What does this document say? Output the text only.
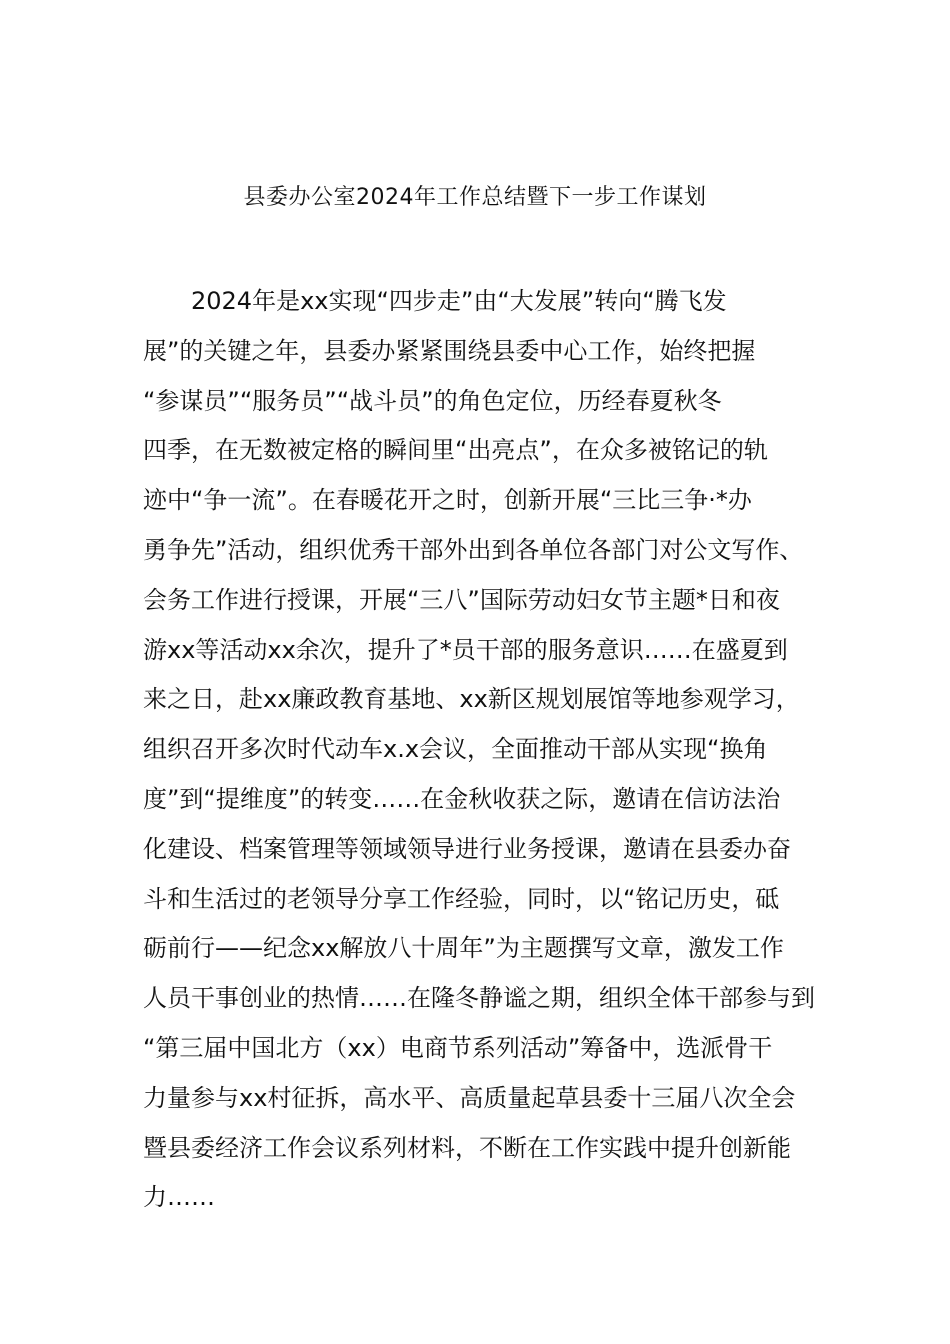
县委办公室2024年工作总结暨下一步工作谋划
2024年是xx实现“四步走”由“大发展”转向“腾飞发
展”的关键之年，县委办紧紧围绕县委中心工作，始终把握
“参谋员”“服务员”“战斗员”的角色定位，历经春夏秋冬
四季，在无数被定格的瞬间里“出亮点”，在众多被铭记的轨
迹中“争一流”。在春暖花开之时，创新开展“三比三争·*办
勇争先”活动，组织优秀干部外出到各单位各部门对公文写作、
会务工作进行授课，开展“三八”国际劳动妇女节主题*日和夜
游xx等活动xx余次，提升了*员干部的服务意识……在盛夏到
来之日，赴xx廉政教育基地、xx新区规划展馆等地参观学习，
组织召开多次时代动车x.x会议，全面推动干部从实现“换角
度”到“提维度”的转变……在金秋收获之际，邀请在信访法治
化建设、档案管理等领域领导进行业务授课，邀请在县委办奋
斗和生活过的老领导分享工作经验，同时，以“铭记历史，砥
砺前行——纪念xx解放八十周年”为主题撰写文章，激发工作
人员干事创业的热情……在隆冬静谧之期，组织全体干部参与到
“第三届中国北方（xx）电商节系列活动”筹备中，选派骨干
力量参与xx村征拆，高水平、高质量起草县委十三届八次全会
暨县委经济工作会议系列材料，不断在工作实践中提升创新能
力……
